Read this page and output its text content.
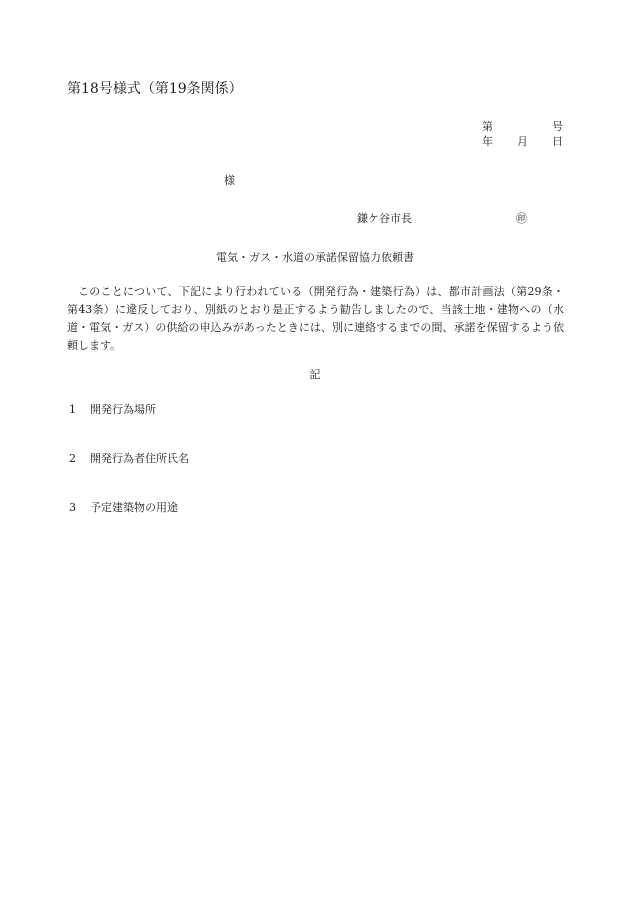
第18号様式（第19条関係）
第	号
年 月 日
様
鎌ケ谷市長	㊞
電気・ガス・水道の承諾保留協力依頼書
このことについて、下記により行われている（開発行為・建築行為）は、都市計画法（第29条・第43条）に違反しており、別紙のとおり是正するよう勧告しましたので、当該土地・建物への（水道・電気・ガス）の供給の申込みがあったときには、別に連絡するまでの間、承諾を保留するよう依頼します。
記
1 開発行為場所
2 開発行為者住所氏名
3 予定建築物の用途
